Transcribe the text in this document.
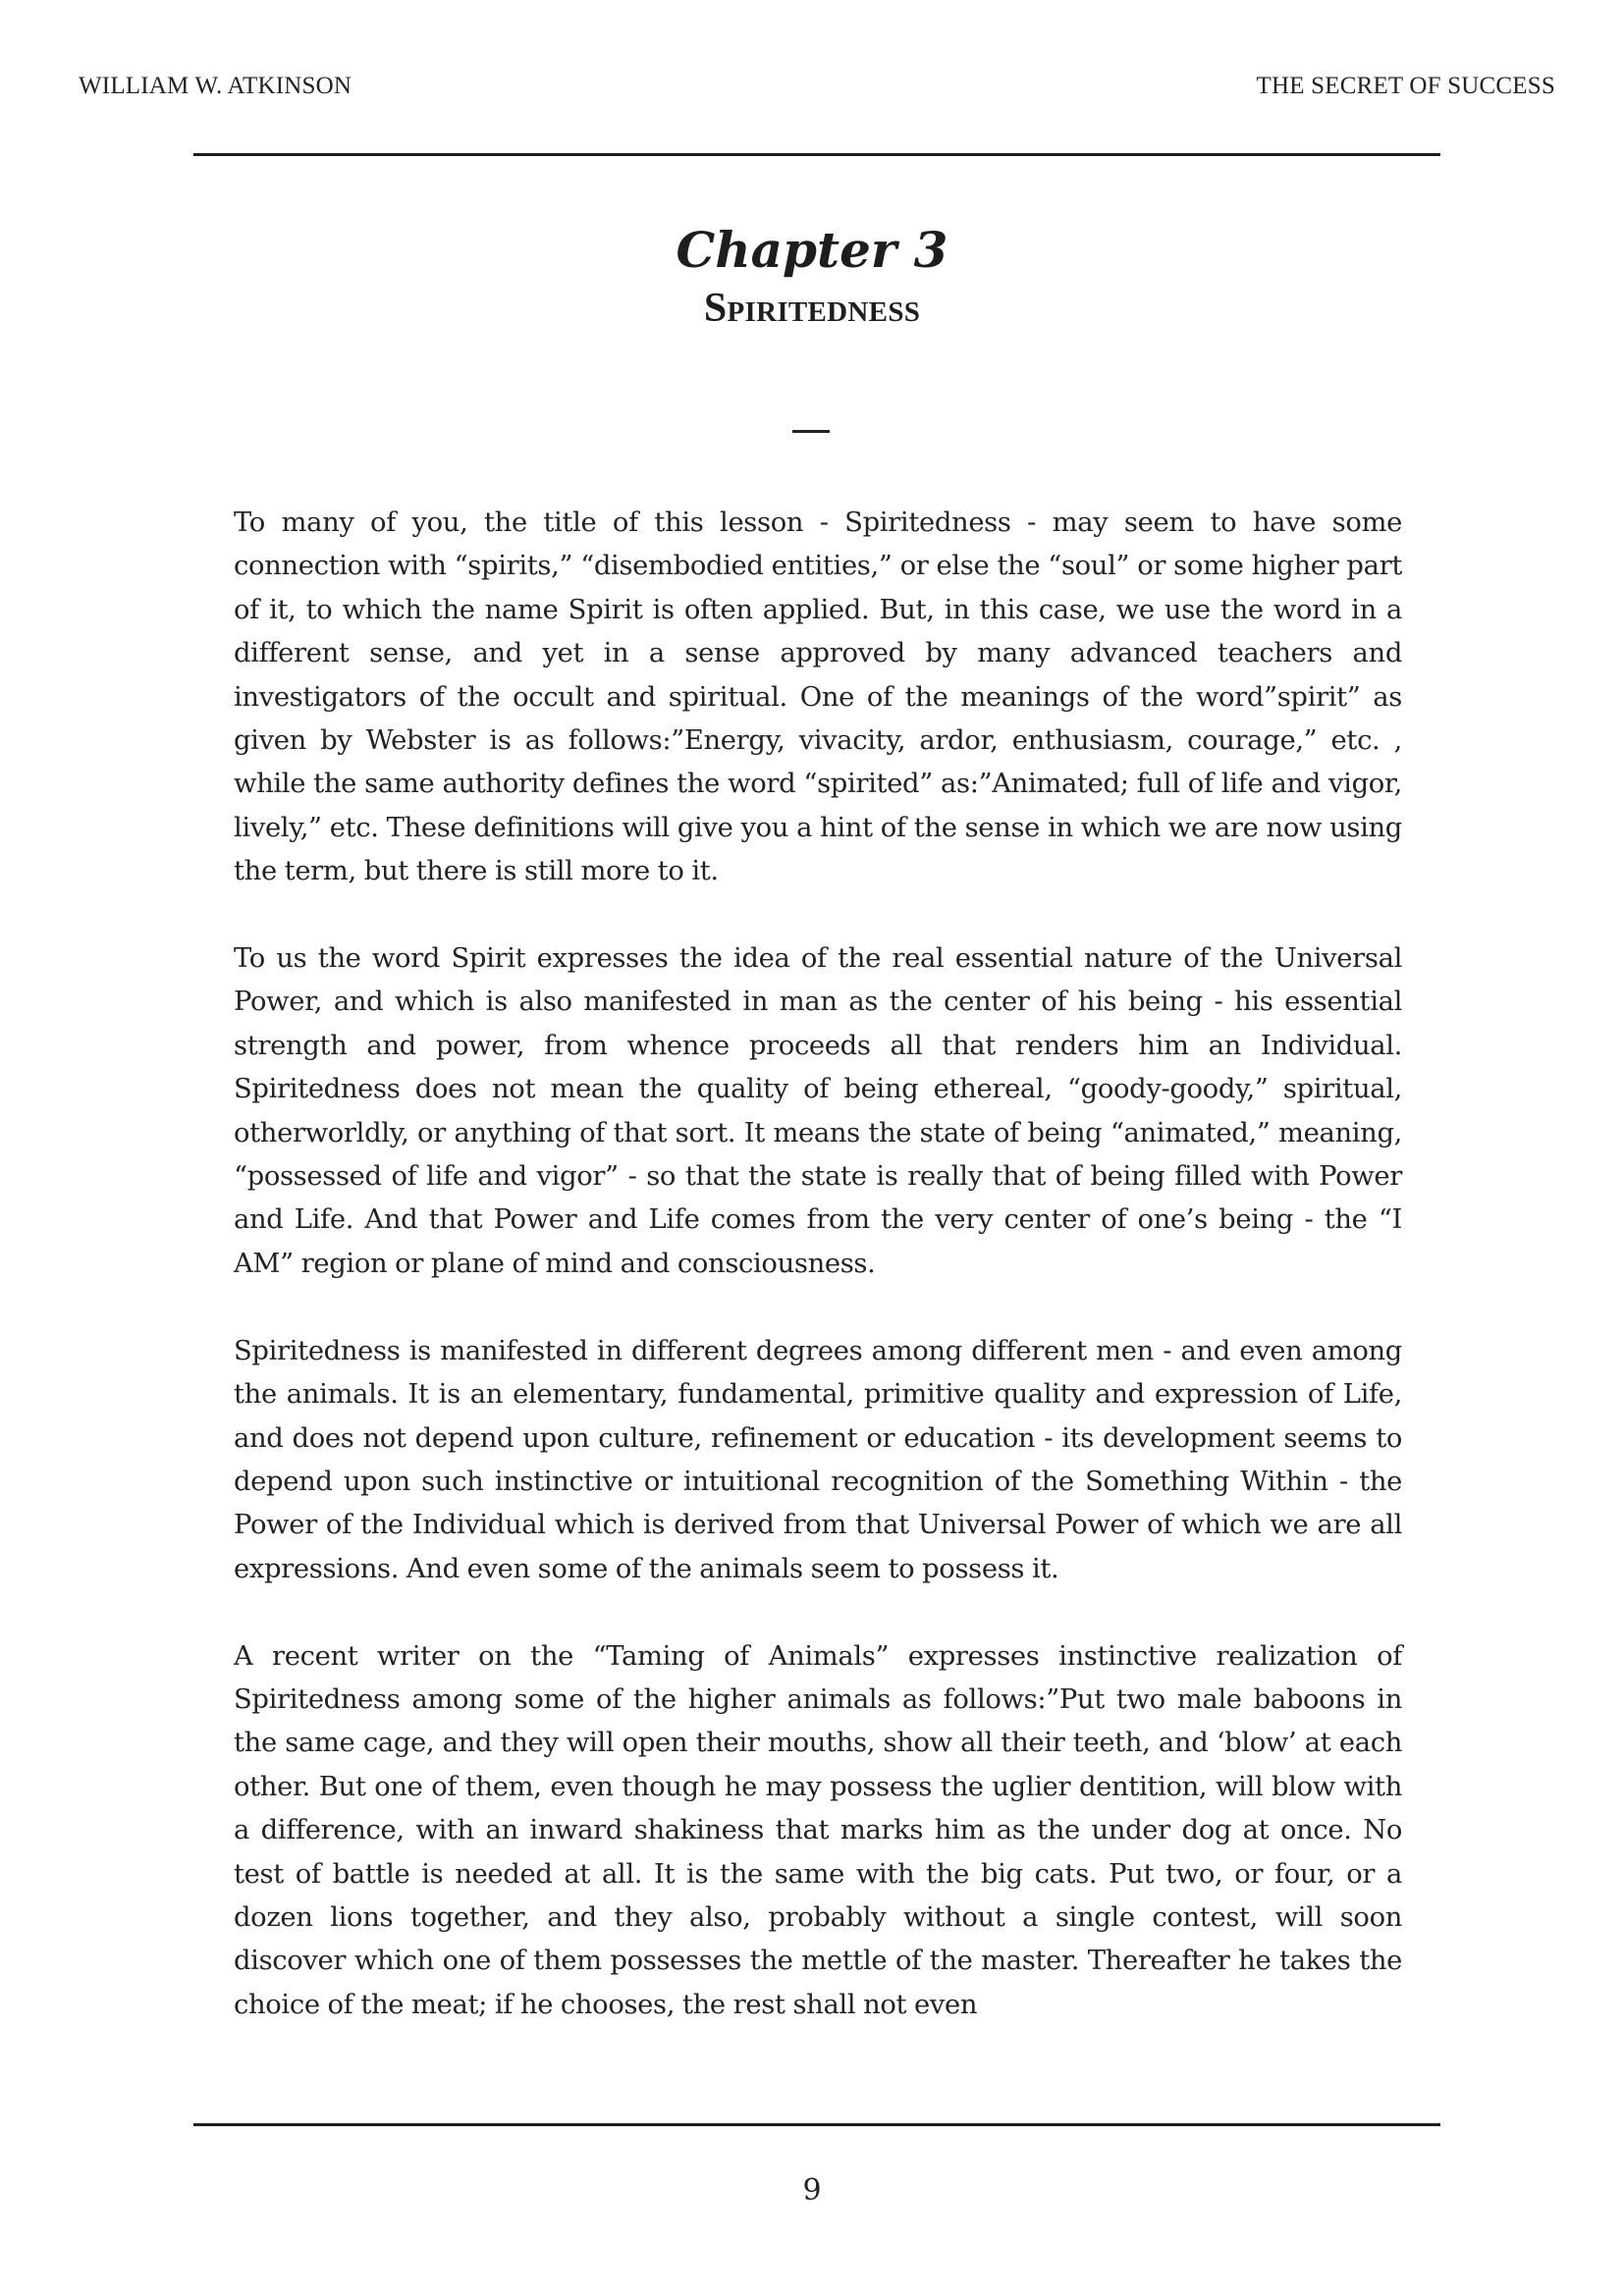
WILLIAM W. ATKINSON	THE SECRET OF SUCCESS
Chapter 3
Spiritedness

To many of you, the title of this lesson - Spiritedness - may seem to have some connection with “spirits,” “disembodied entities,” or else the “soul” or some higher part of it, to which the name Spirit is often applied. But, in this case, we use the word in a different sense, and yet in a sense approved by many advanced teachers and investigators of the occult and spiritual. One of the meanings of the word”spirit” as given by Webster is as follows:”Energy, vivacity, ardor, enthusiasm, courage,” etc. , while the same authority defines the word “spirited” as:”Animated; full of life and vigor, lively,” etc. These definitions will give you a hint of the sense in which we are now using the term, but there is still more to it.

To us the word Spirit expresses the idea of the real essential nature of the Universal Power, and which is also manifested in man as the center of his being - his essential strength and power, from whence proceeds all that renders him an Individual. Spiritedness does not mean the quality of being ethereal, “goody-goody,” spiritual, otherworldly, or anything of that sort. It means the state of being “animated,” meaning, “possessed of life and vigor” - so that the state is really that of being filled with Power and Life. And that Power and Life comes from the very center of one’s being - the “I AM” region or plane of mind and consciousness.

Spiritedness is manifested in different degrees among different men - and even among the animals. It is an elementary, fundamental, primitive quality and expression of Life, and does not depend upon culture, refinement or education - its development seems to depend upon such instinctive or intuitional recognition of the Something Within - the Power of the Individual which is derived from that Universal Power of which we are all expressions. And even some of the animals seem to possess it.

A recent writer on the “Taming of Animals” expresses instinctive realization of Spiritedness among some of the higher animals as follows:”Put two male baboons in the same cage, and they will open their mouths, show all their teeth, and ‘blow’ at each other. But one of them, even though he may possess the uglier dentition, will blow with a difference, with an inward shakiness that marks him as the under dog at once. No test of battle is needed at all. It is the same with the big cats. Put two, or four, or a dozen lions together, and they also, probably without a single contest, will soon discover which one of them possesses the mettle of the master. Thereafter he takes the choice of the meat; if he chooses, the rest shall not even

9
